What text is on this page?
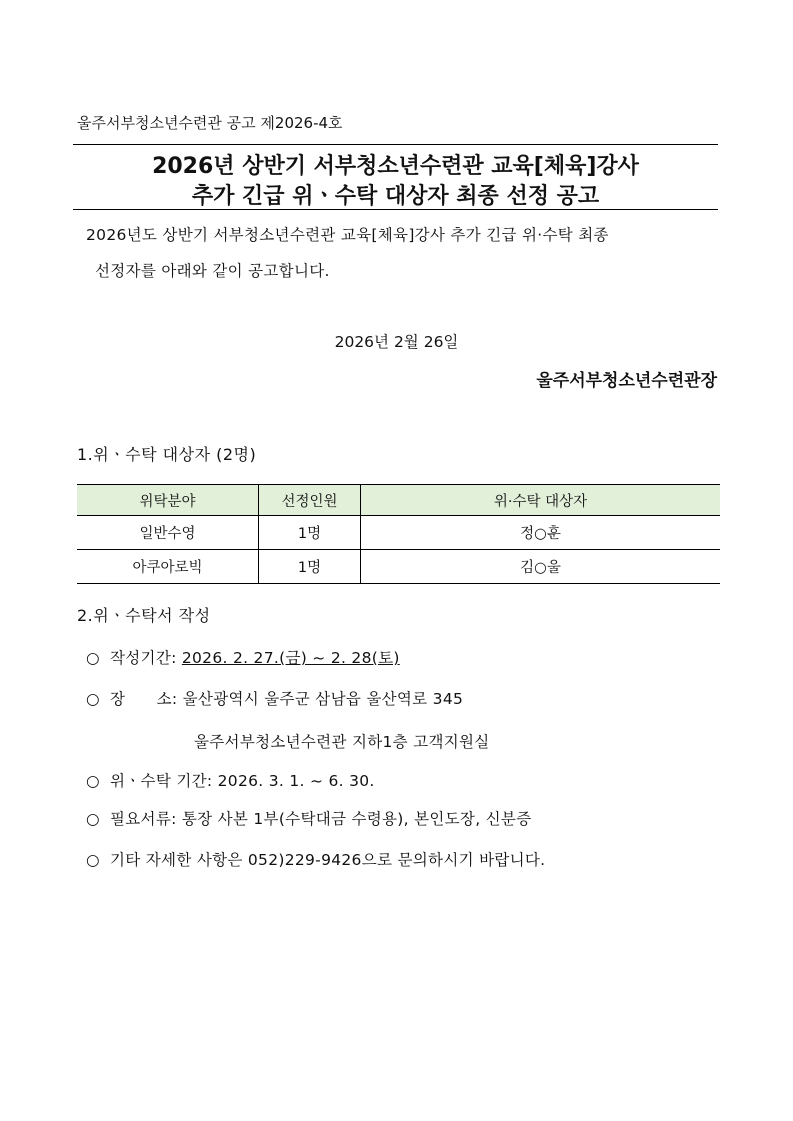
울주서부청소년수련관 공고 제2026-4호
2026년 상반기 서부청소년수련관 교육[체육]강사
추가 긴급 위ㆍ수탁 대상자 최종 선정 공고
2026년도 상반기 서부청소년수련관 교육[체육]강사 추가 긴급 위·수탁 최종
선정자를 아래와 같이 공고합니다.
2026년 2월 26일
울주서부청소년수련관장
1.위ㆍ수탁 대상자 (2명)
위탁분야	선정인원	위·수탁 대상자
일반수영	1명	정○훈
아쿠아로빅	1명	김○울
2.위ㆍ수탁서 작성
○ 작성기간: 2026. 2. 27.(금) ~ 2. 28(토)
○ 장      소: 울산광역시 울주군 삼남읍 울산역로 345
울주서부청소년수련관 지하1층 고객지원실
○ 위ㆍ수탁 기간: 2026. 3. 1. ~ 6. 30.
○ 필요서류: 통장 사본 1부(수탁대금 수령용), 본인도장, 신분증
○ 기타 자세한 사항은 052)229-9426으로 문의하시기 바랍니다.
